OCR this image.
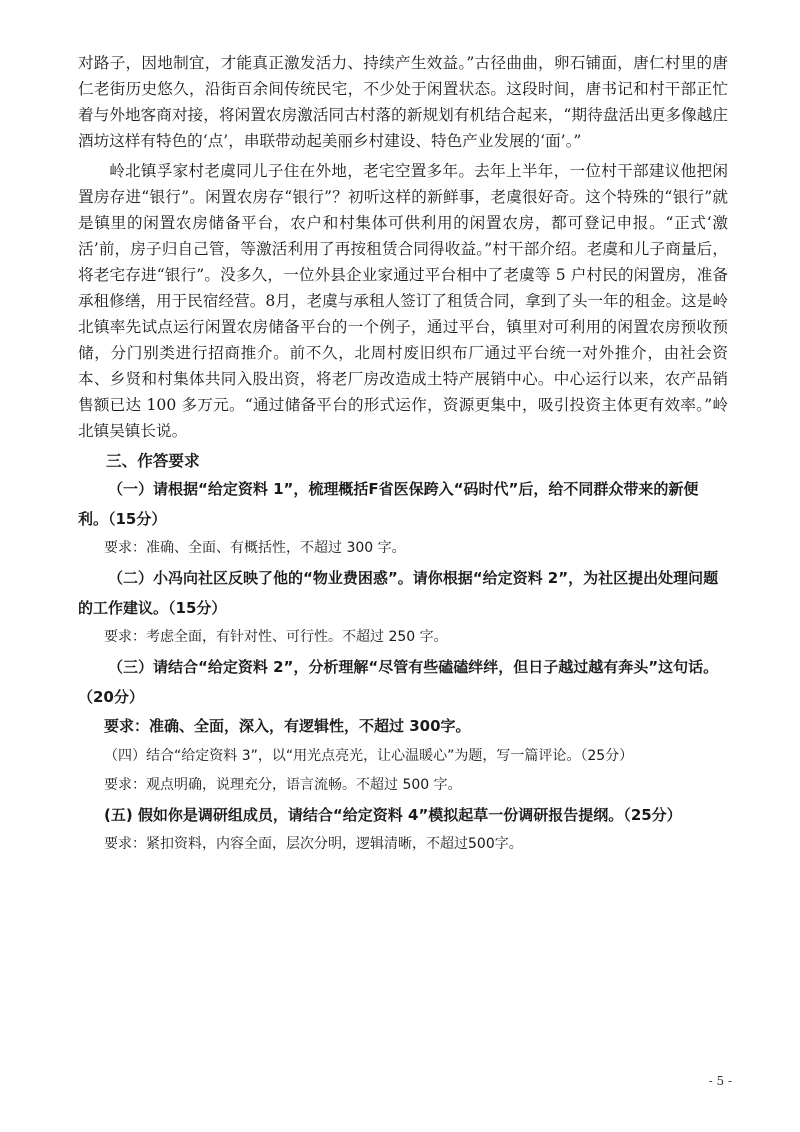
对路子，因地制宜，才能真正激发活力、持续产生效益。”古径曲曲，卵石铺面，唐仁村里的唐仁老街历史悠久，沿街百余间传统民宅，不少处于闲置状态。这段时间，唐书记和村干部正忙着与外地客商对接，将闲置农房激活同古村落的新规划有机结合起来，“期待盘活出更多像越庄酒坊这样有特色的‘点’，串联带动起美丽乡村建设、特色产业发展的‘面’。”

岭北镇孚家村老虞同儿子住在外地，老宅空置多年。去年上半年，一位村干部建议他把闲置房存进“银行”。闲置农房存“银行”？初听这样的新鲜事，老虞很好奇。这个特殊的“银行”就是镇里的闲置农房储备平台，农户和村集体可供利用的闲置农房，都可登记申报。“正式‘激活’前，房子归自己管，等激活利用了再按租赁合同得收益。”村干部介绍。老虞和儿子商量后，将老宅存进“银行”。没多久，一位外县企业家通过平台相中了老虞等 5 户村民的闲置房，准备承租修缮，用于民宿经营。8月，老虞与承租人签订了租赁合同，拿到了头一年的租金。这是岭北镇率先试点运行闲置农房储备平台的一个例子，通过平台，镇里对可利用的闲置农房预收预储，分门别类进行招商推介。前不久，北周村废旧织布厂通过平台统一对外推介，由社会资本、乡贤和村集体共同入股出资，将老厂房改造成土特产展销中心。中心运行以来，农产品销售额已达 100 多万元。“通过储备平台的形式运作，资源更集中，吸引投资主体更有效率。”岭北镇吴镇长说。

三、作答要求

（一）请根据“给定资料 1”，梳理概括F省医保跨入“码时代”后，给不同群众带来的新便利。（15分）

要求：准确、全面、有概括性，不超过 300 字。

（二）小冯向社区反映了他的“物业费困惑”。请你根据“给定资料 2”，为社区提出处理问题的工作建议。（15分）

要求：考虑全面，有针对性、可行性。不超过 250 字。

（三）请结合“给定资料 2”，分析理解“尽管有些磕磕绊绊，但日子越过越有奔头”这句话。（20分）

要求：准确、全面，深入，有逻辑性，不超过 300字。

（四）结合“给定资料 3”，以“用光点亮光，让心温暖心”为题，写一篇评论。（25分）

要求：观点明确，说理充分，语言流畅。不超过 500 字。

(五) 假如你是调研组成员，请结合“给定资料 4”模拟起草一份调研报告提纲。（25分）

要求：紧扣资料，内容全面，层次分明，逻辑清晰，不超过500字。

- 5 -
